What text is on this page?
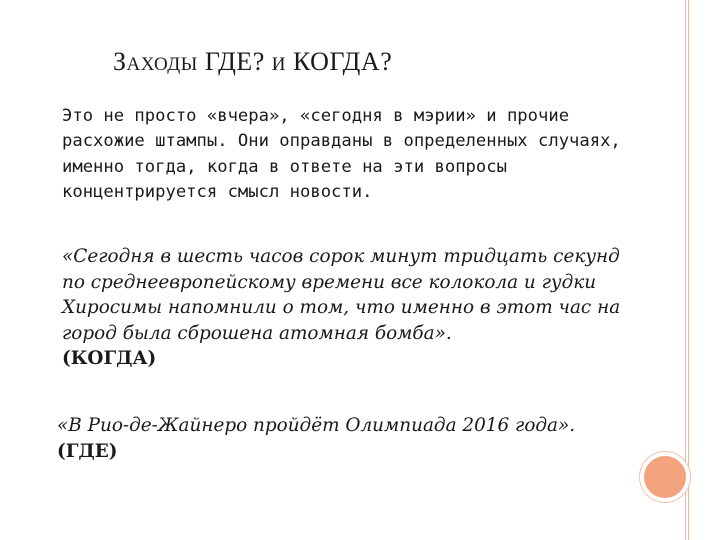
ЗАХОДЫ ГДЕ? И КОГДА?

Это не просто «вчера», «сегодня в мэрии» и прочие расхожие штампы. Они оправданы в определенных случаях, именно тогда, когда в ответе на эти вопросы концентрируется смысл новости.

«Сегодня в шесть часов сорок минут тридцать секунд по среднеевропейскому времени все колокола и гудки Хиросимы напомнили о том, что именно в этот час на город была сброшена атомная бомба».
(КОГДА)

«В Рио-де-Жайнеро пройдёт Олимпиада 2016 года».
(ГДЕ)
